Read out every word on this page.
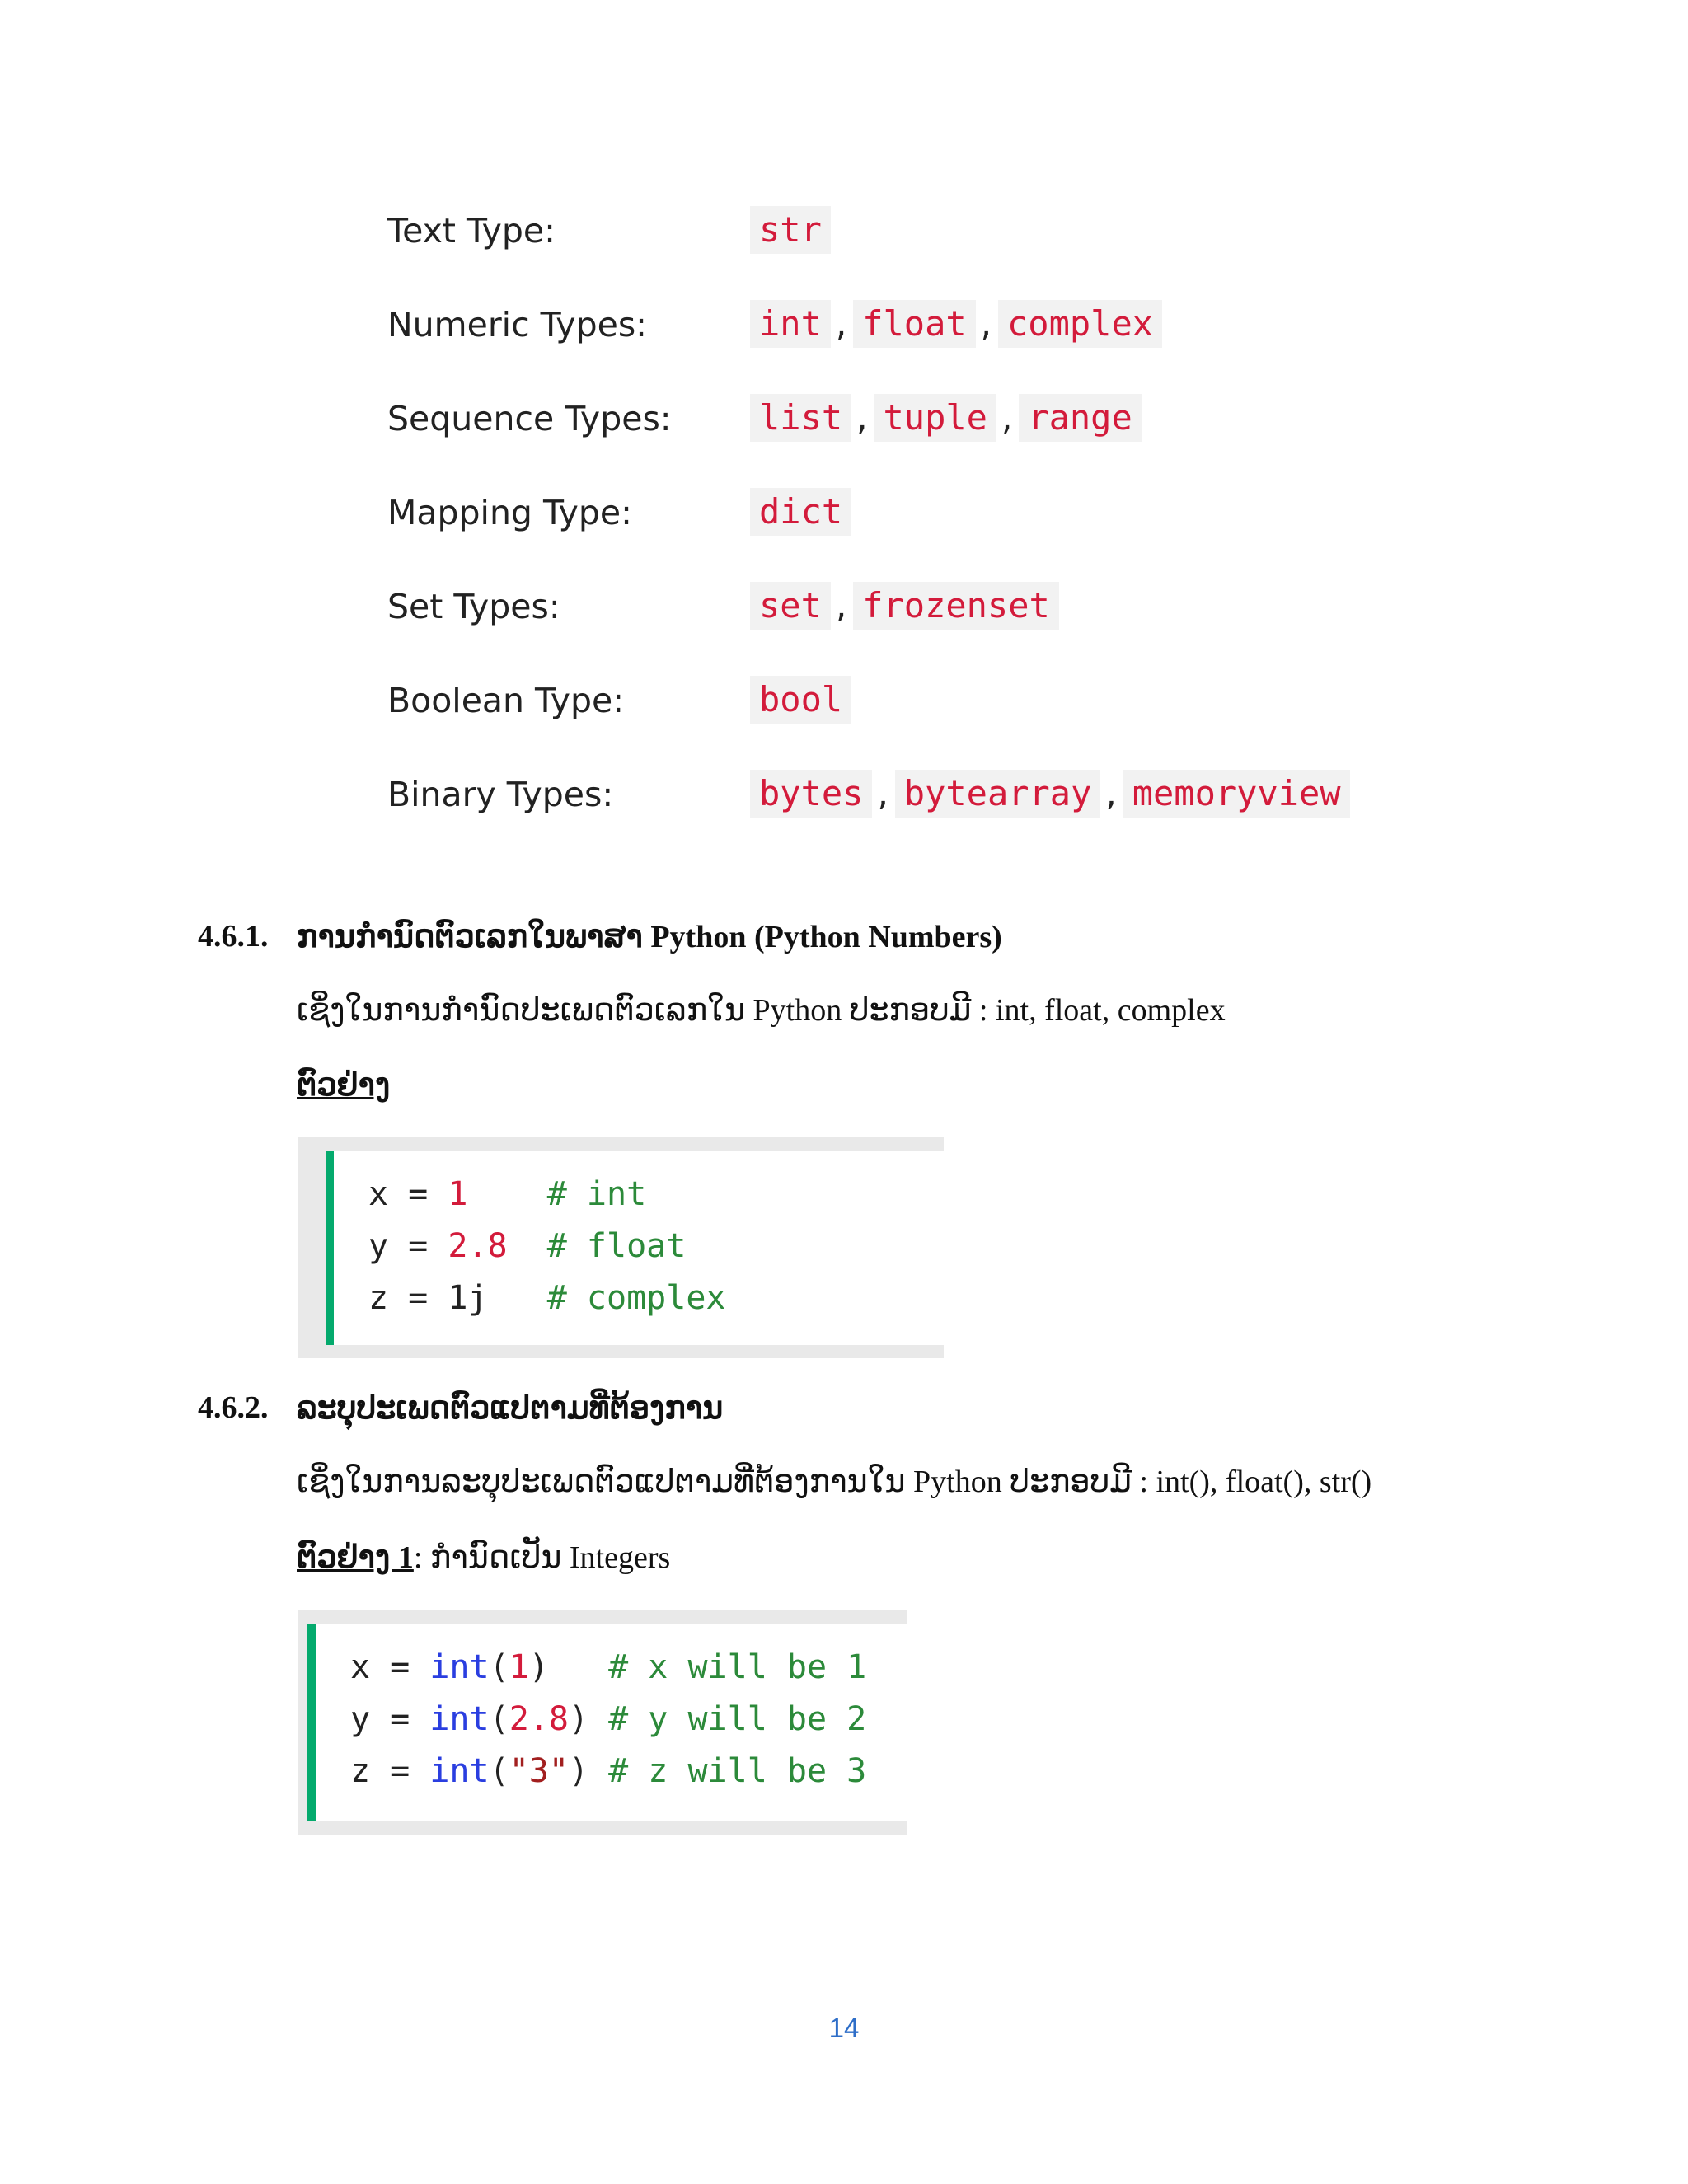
Text Type:	str
Numeric Types:	int , float , complex
Sequence Types:	list , tuple , range
Mapping Type:	dict
Set Types:	set , frozenset
Boolean Type:	bool
Binary Types:	bytes , bytearray , memoryview
4.6.1. ການກຳນົດຕົວເລກໃນພາສາ Python (Python Numbers)
ເຊິ່ງໃນການກຳນົດປະເພດຕົວເລກໃນ Python ປະກອບມີ : int, float, complex
ຕົວຢ່າງ
x = 1 # int
y = 2.8 # float
z = 1j # complex
4.6.2. ລະບຸປະເພດຕົວແປຕາມທີ່ຕ້ອງການ
ເຊິ່ງໃນການລະບຸປະເພດຕົວແປຕາມທີ່ຕ້ອງການໃນ Python ປະກອບມີ : int(), float(), str()
ຕົວຢ່າງ 1: ກຳນົດເປັນ Integers
x = int(1) # x will be 1
y = int(2.8) # y will be 2
z = int("3") # z will be 3
14
